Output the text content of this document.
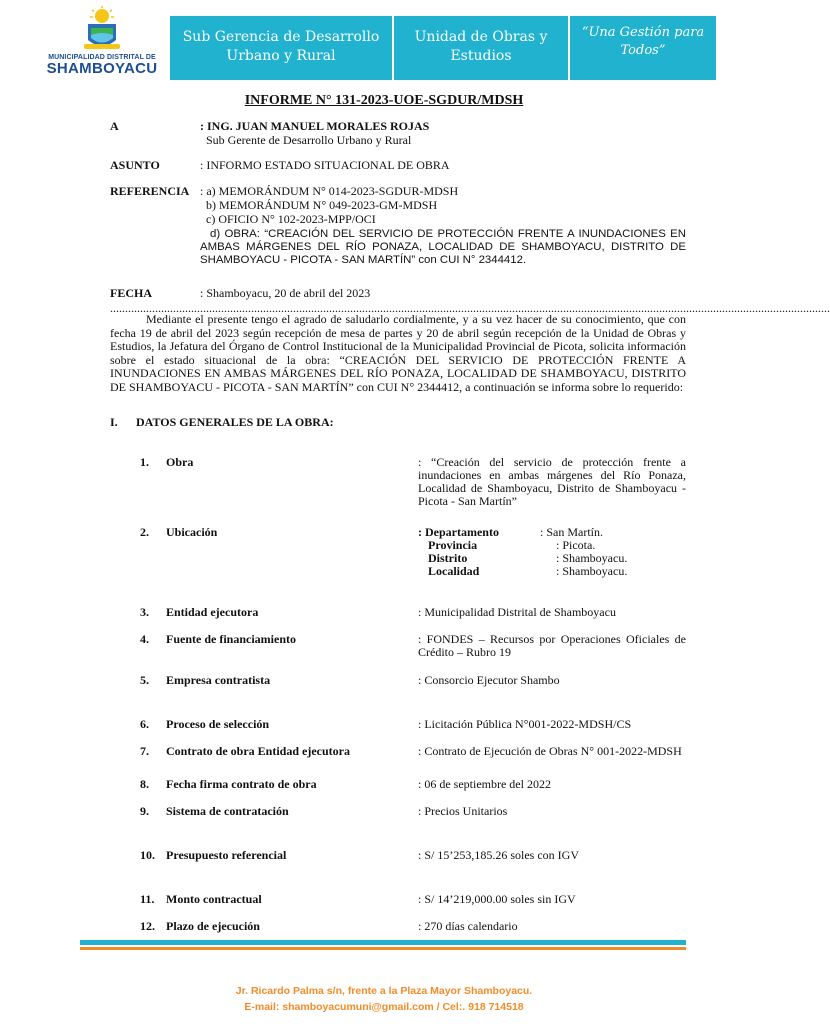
MUNICIPALIDAD DISTRITAL DE
SHAMBOYACU
Sub Gerencia de Desarrollo Urbano y Rural
Unidad de Obras y Estudios
“Una Gestión para Todos”
INFORME N° 131-2023-UOE-SGDUR/MDSH
A	: ING. JUAN MANUEL MORALES ROJAS
Sub Gerente de Desarrollo Urbano y Rural
ASUNTO	: INFORMO ESTADO SITUACIONAL DE OBRA
REFERENCIA : a) MEMORÁNDUM N° 014-2023-SGDUR-MDSH
b) MEMORÁNDUM N° 049-2023-GM-MDSH
c) OFICIO N° 102-2023-MPP/OCI
d) OBRA: “CREACIÓN DEL SERVICIO DE PROTECCIÓN FRENTE A INUNDACIONES EN AMBAS MÁRGENES DEL RÍO PONAZA, LOCALIDAD DE SHAMBOYACU, DISTRITO DE SHAMBOYACU - PICOTA - SAN MARTÍN” con CUI N° 2344412.
FECHA	: Shamboyacu, 20 de abril del 2023
................................................................................................................................................................................................................................................
Mediante el presente tengo el agrado de saludarlo cordialmente, y a su vez hacer de su conocimiento, que con fecha 19 de abril del 2023 según recepción de mesa de partes y 20 de abril según recepción de la Unidad de Obras y Estudios, la Jefatura del Órgano de Control Institucional de la Municipalidad Provincial de Picota, solicita información sobre el estado situacional de la obra: “CREACIÓN DEL SERVICIO DE PROTECCIÓN FRENTE A INUNDACIONES EN AMBAS MÁRGENES DEL RÍO PONAZA, LOCALIDAD DE SHAMBOYACU, DISTRITO DE SHAMBOYACU - PICOTA - SAN MARTÍN” con CUI N° 2344412, a continuación se informa sobre lo requerido:
I. DATOS GENERALES DE LA OBRA:
1. Obra	: “Creación del servicio de protección frente a inundaciones en ambas márgenes del Río Ponaza, Localidad de Shamboyacu, Distrito de Shamboyacu - Picota - San Martín”
2. Ubicación	: Departamento	: San Martín.
Provincia	: Picota.
Distrito	: Shamboyacu.
Localidad	: Shamboyacu.
3. Entidad ejecutora	: Municipalidad Distrital de Shamboyacu
4. Fuente de financiamiento	: FONDES – Recursos por Operaciones Oficiales de Crédito – Rubro 19
5. Empresa contratista	: Consorcio Ejecutor Shambo
6. Proceso de selección	: Licitación Pública N°001-2022-MDSH/CS
7. Contrato de obra Entidad ejecutora	: Contrato de Ejecución de Obras N° 001-2022-MDSH
8. Fecha firma contrato de obra	: 06 de septiembre del 2022
9. Sistema de contratación	: Precios Unitarios
10. Presupuesto referencial	: S/ 15’253,185.26 soles con IGV
11. Monto contractual	: S/ 14’219,000.00 soles sin IGV
12. Plazo de ejecución	: 270 días calendario
Jr. Ricardo Palma s/n, frente a la Plaza Mayor Shamboyacu.
E-mail: shamboyacumuni@gmail.com / Cel:. 918 714518
